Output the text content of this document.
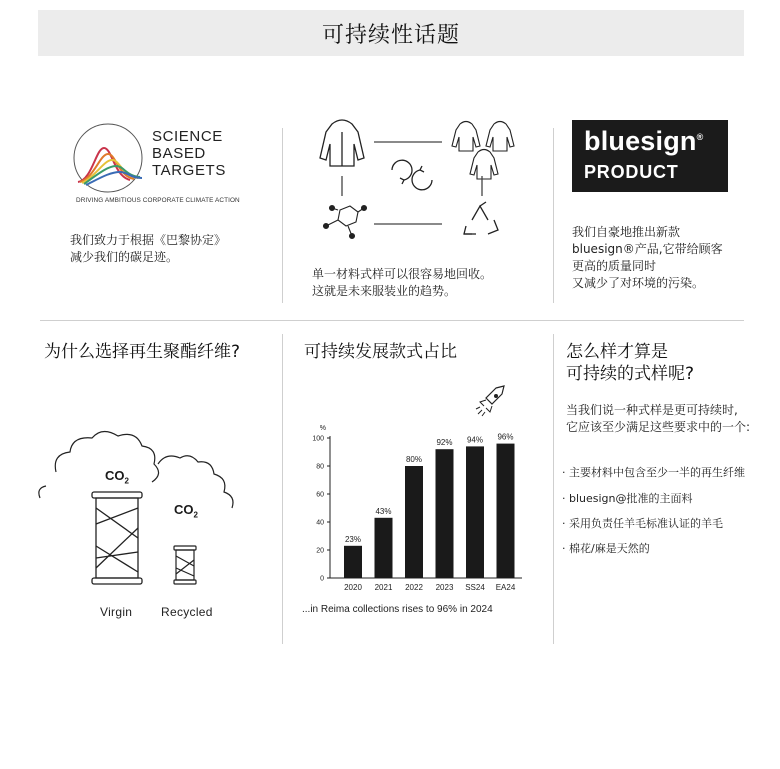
可持续性话题
SCIENCE
BASED
TARGETS
DRIVING AMBITIOUS CORPORATE CLIMATE ACTION
我们致力于根据《巴黎协定》
减少我们的碳足迹。
单一材料式样可以很容易地回收。
这就是未来服装业的趋势。
bluesign®
PRODUCT
我们自豪地推出新款
bluesign®产品,它带给顾客
更高的质量同时
又减少了对环境的污染。
为什么选择再生聚酯纤维?
$CO_2$
$CO_2$
Virgin Recycled
可持续发展款式占比
%
0
20
40
60
80
100
23%
2020
43%
2021
80%
2022
92%
2023
94%
SS24
96%
EA24
...in Reima collections rises to 96% in 2024
怎么样才算是
可持续的式样呢?
当我们说一种式样是更可持续时,
它应该至少满足这些要求中的一个:
· 主要材料中包含至少一半的再生纤维
· bluesign@批准的主面料
· 采用负责任羊毛标准认证的羊毛
· 棉花/麻是天然的
